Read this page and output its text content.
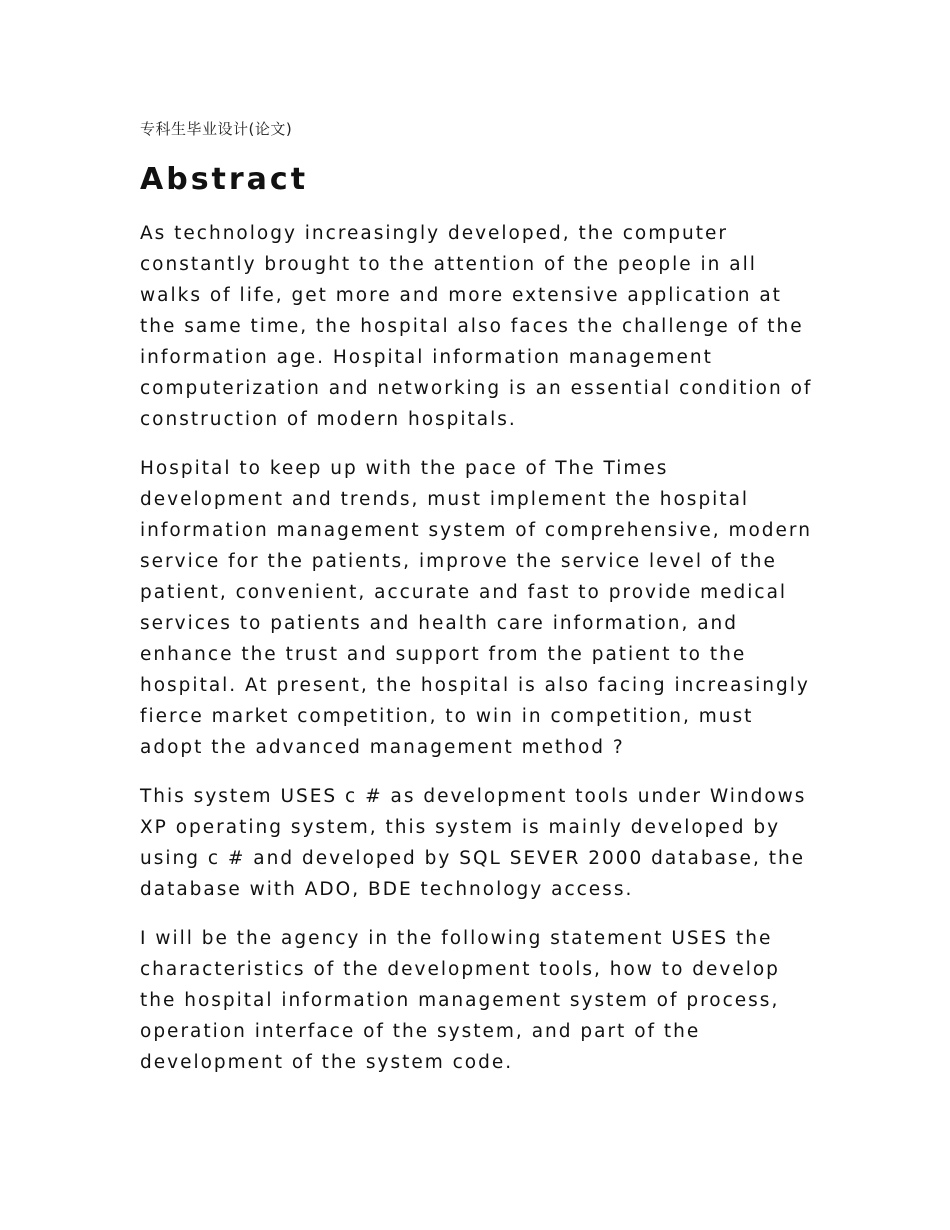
专科生毕业设计(论文)
Abstract

As technology increasingly developed, the computer
constantly brought to the attention of the people in all
walks of life, get more and more extensive application at
the same time, the hospital also faces the challenge of the
information age. Hospital information management
computerization and networking is an essential condition of
construction of modern hospitals.

Hospital to keep up with the pace of The Times
development and trends, must implement the hospital
information management system of comprehensive, modern
service for the patients, improve the service level of the
patient, convenient, accurate and fast to provide medical
services to patients and health care information, and
enhance the trust and support from the patient to the
hospital. At present, the hospital is also facing increasingly
fierce market competition, to win in competition, must
adopt the advanced management method ?

This system USES c # as development tools under Windows
XP operating system, this system is mainly developed by
using c # and developed by SQL SEVER 2000 database, the
database with ADO, BDE technology access.

I will be the agency in the following statement USES the
characteristics of the development tools, how to develop
the hospital information management system of process,
operation interface of the system, and part of the
development of the system code.
